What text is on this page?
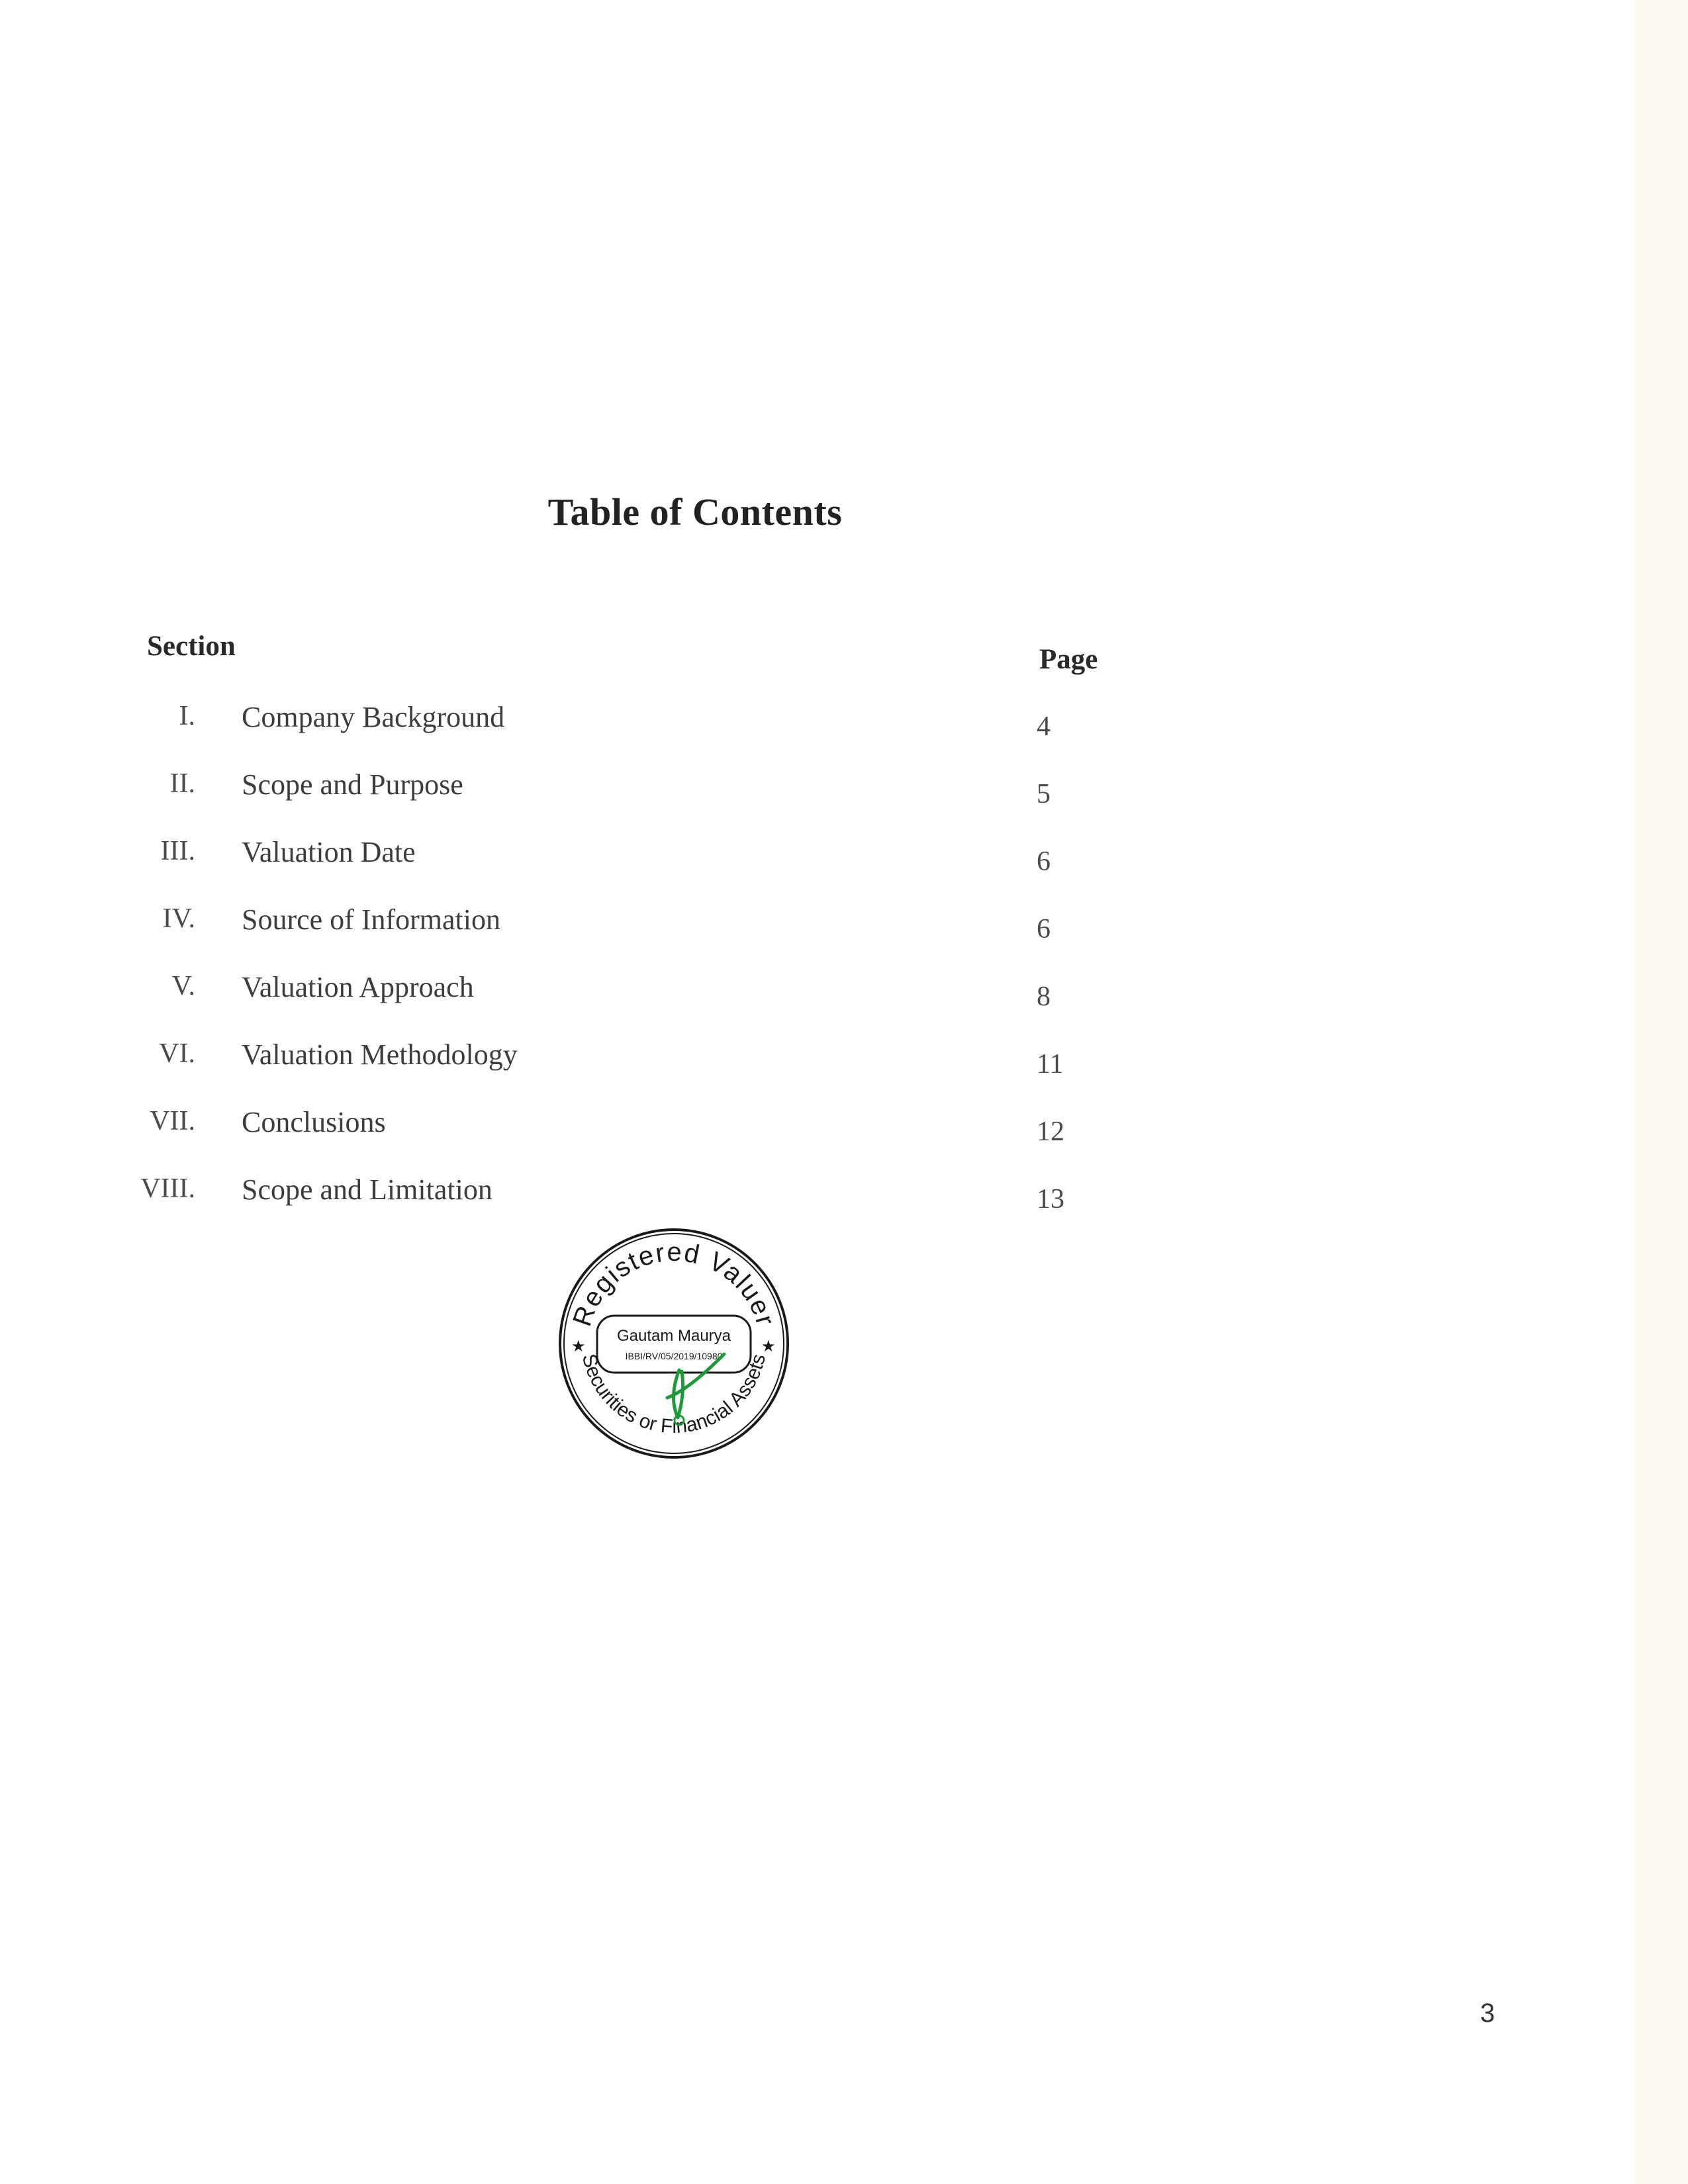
Table of Contents
Section	Page
I. Company Background	4
II. Scope and Purpose	5
III. Valuation Date	6
IV. Source of Information	6
V. Valuation Approach	8
VI. Valuation Methodology	11
VII. Conclusions	12
VIII. Scope and Limitation	13
Registered Valuer
Securities or Financial Assets
★	★
Gautam Maurya
IBBI/RV/05/2019/10980
3
